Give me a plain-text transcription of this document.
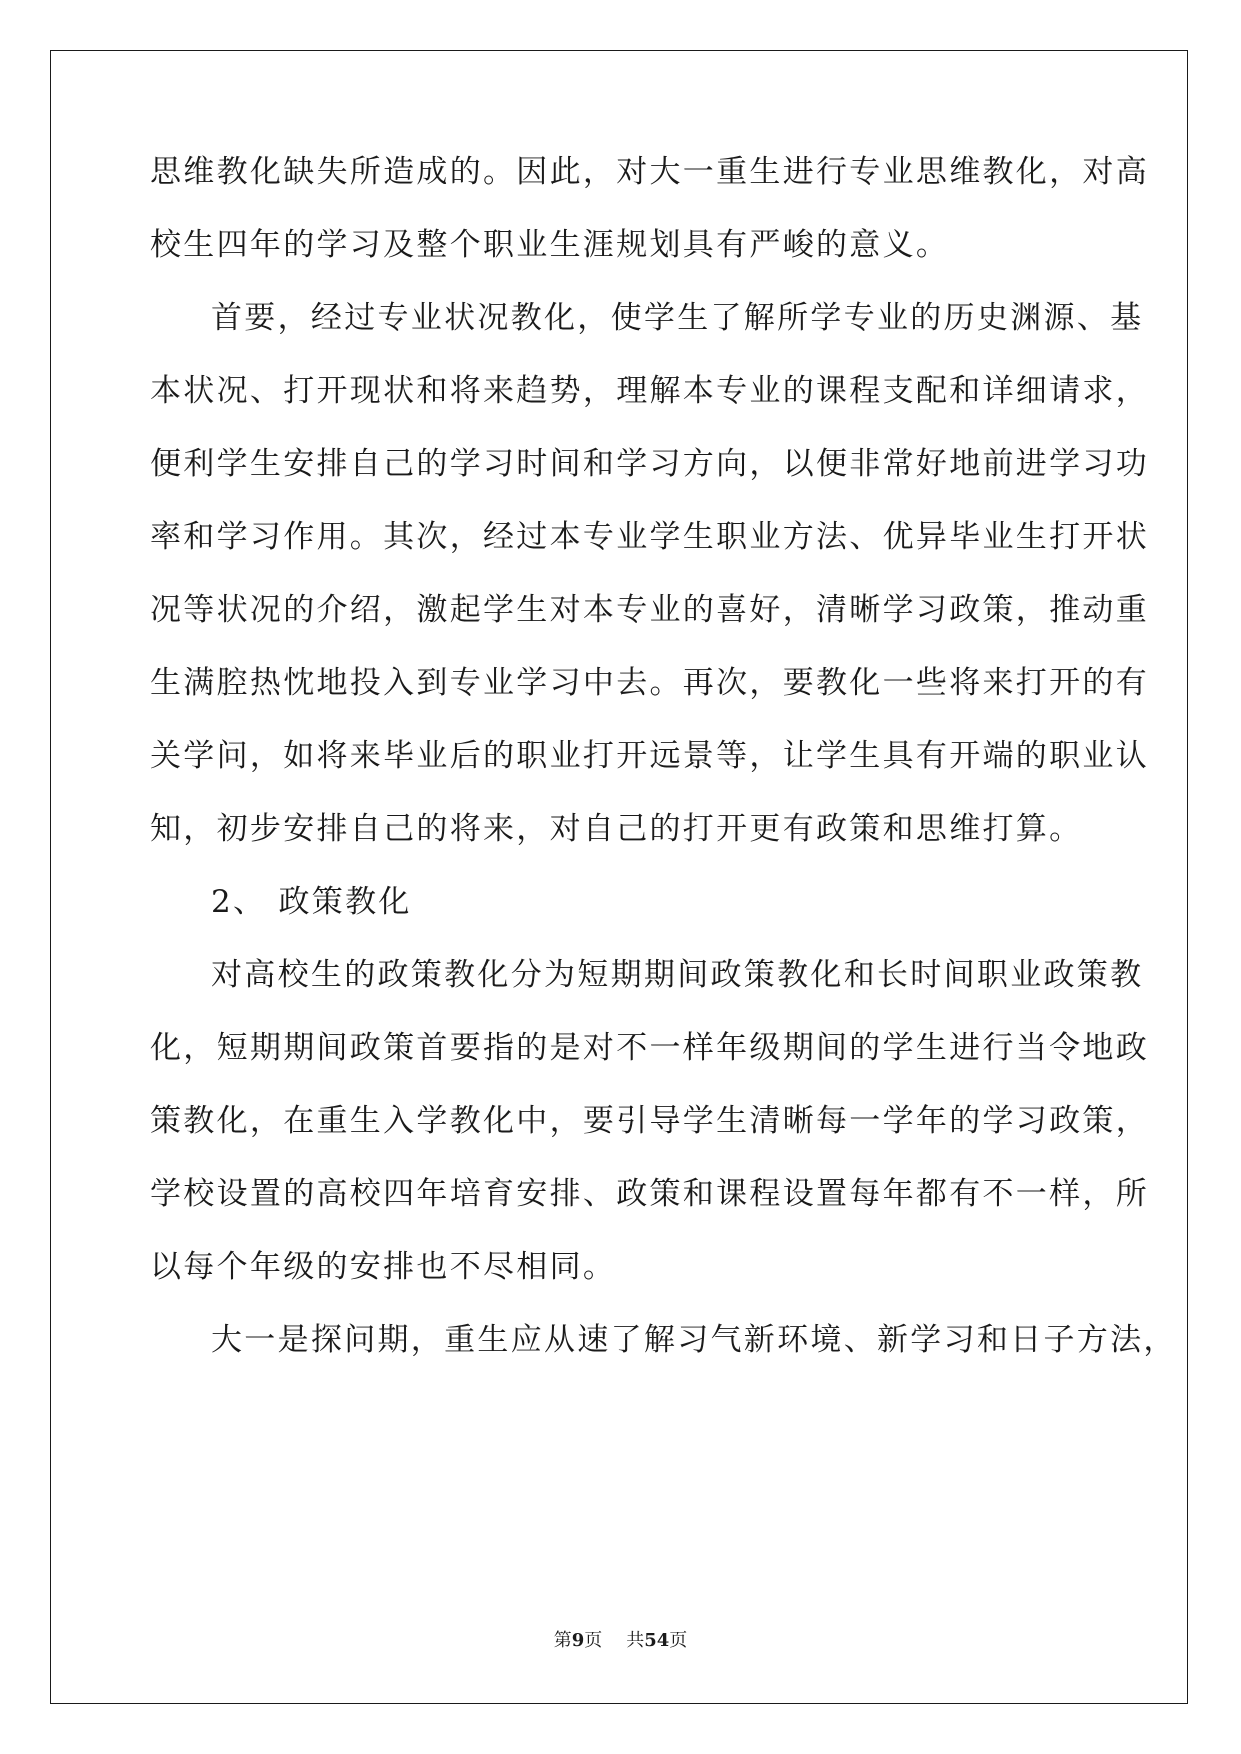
思维教化缺失所造成的。因此，对大一重生进行专业思维教化，对高
校生四年的学习及整个职业生涯规划具有严峻的意义。
首要，经过专业状况教化，使学生了解所学专业的历史渊源、基
本状况、打开现状和将来趋势，理解本专业的课程支配和详细请求，
便利学生安排自己的学习时间和学习方向，以便非常好地前进学习功
率和学习作用。其次，经过本专业学生职业方法、优异毕业生打开状
况等状况的介绍，激起学生对本专业的喜好，清晰学习政策，推动重
生满腔热忱地投入到专业学习中去。再次，要教化一些将来打开的有
关学问，如将来毕业后的职业打开远景等，让学生具有开端的职业认
知，初步安排自己的将来，对自己的打开更有政策和思维打算。
2、 政策教化
对高校生的政策教化分为短期期间政策教化和长时间职业政策教
化，短期期间政策首要指的是对不一样年级期间的学生进行当令地政
策教化，在重生入学教化中，要引导学生清晰每一学年的学习政策，
学校设置的高校四年培育安排、政策和课程设置每年都有不一样，所
以每个年级的安排也不尽相同。
大一是探问期，重生应从速了解习气新环境、新学习和日子方法，
第9页 共54页
